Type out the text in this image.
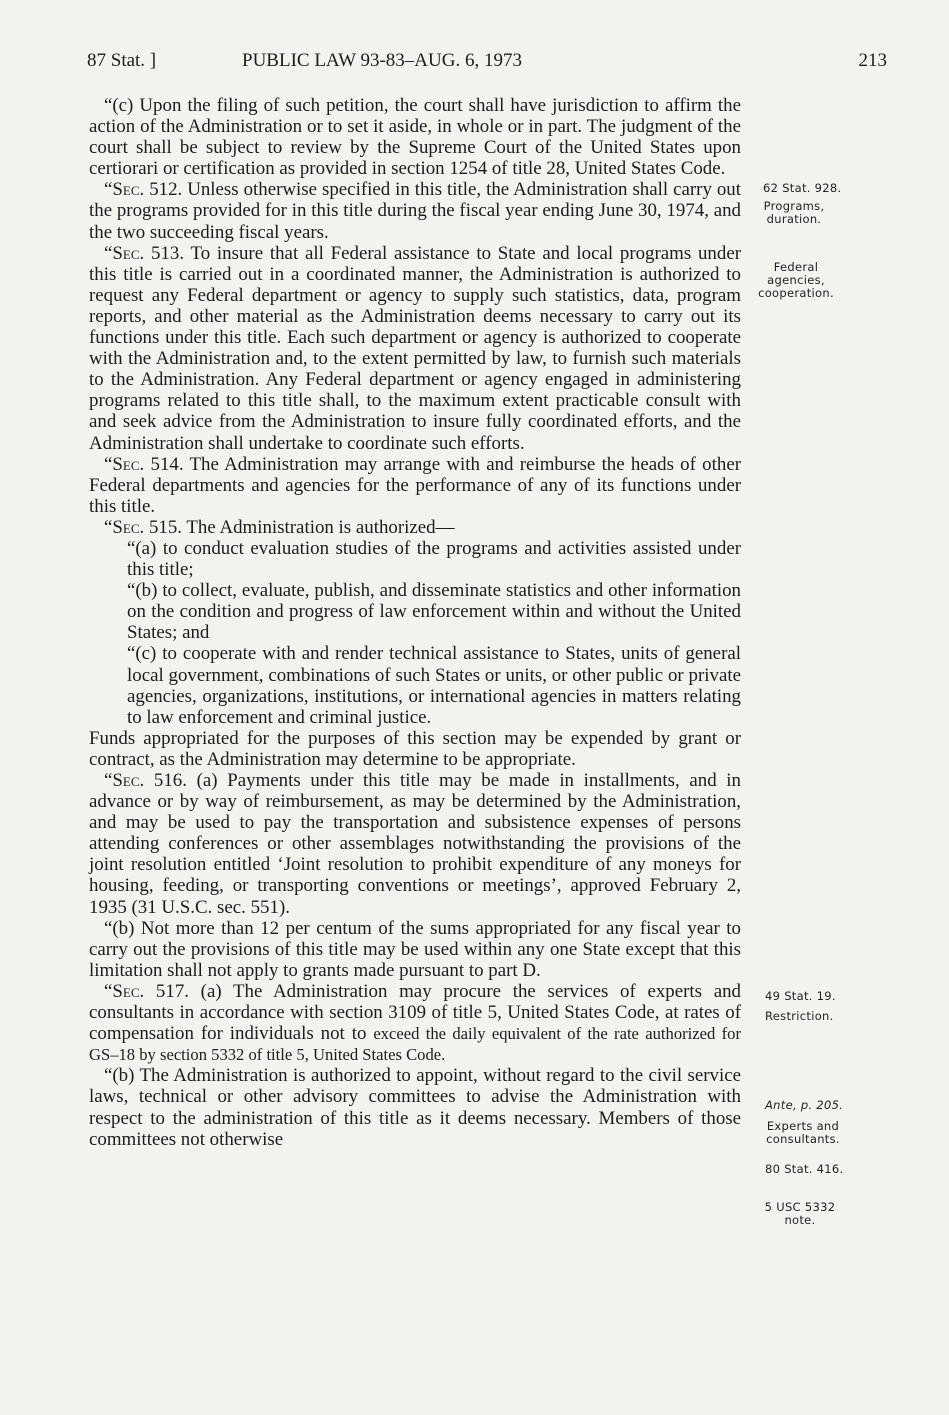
87 Stat. ]	PUBLIC LAW 93-83–AUG. 6, 1973	213

“(c) Upon the filing of such petition, the court shall have jurisdiction to affirm the action of the Administration or to set it aside, in whole or in part. The judgment of the court shall be subject to review by the Supreme Court of the United States upon certiorari or certification as provided in section 1254 of title 28, United States Code.

“Sec. 512. Unless otherwise specified in this title, the Administration shall carry out the programs provided for in this title during the fiscal year ending June 30, 1974, and the two succeeding fiscal years.

“Sec. 513. To insure that all Federal assistance to State and local programs under this title is carried out in a coordinated manner, the Administration is authorized to request any Federal department or agency to supply such statistics, data, program reports, and other material as the Administration deems necessary to carry out its functions under this title. Each such department or agency is authorized to cooperate with the Administration and, to the extent permitted by law, to furnish such materials to the Administration. Any Federal department or agency engaged in administering programs related to this title shall, to the maximum extent practicable consult with and seek advice from the Administration to insure fully coordinated efforts, and the Administration shall undertake to coordinate such efforts.

“Sec. 514. The Administration may arrange with and reimburse the heads of other Federal departments and agencies for the performance of any of its functions under this title.

“Sec. 515. The Administration is authorized—

“(a) to conduct evaluation studies of the programs and activities assisted under this title;

“(b) to collect, evaluate, publish, and disseminate statistics and other information on the condition and progress of law enforcement within and without the United States; and

“(c) to cooperate with and render technical assistance to States, units of general local government, combinations of such States or units, or other public or private agencies, organizations, institutions, or international agencies in matters relating to law enforcement and criminal justice.

Funds appropriated for the purposes of this section may be expended by grant or contract, as the Administration may determine to be appropriate.

“Sec. 516. (a) Payments under this title may be made in installments, and in advance or by way of reimbursement, as may be determined by the Administration, and may be used to pay the transportation and subsistence expenses of persons attending conferences or other assemblages notwithstanding the provisions of the joint resolution entitled ‘Joint resolution to prohibit expenditure of any moneys for housing, feeding, or transporting conventions or meetings’, approved February 2, 1935 (31 U.S.C. sec. 551).

“(b) Not more than 12 per centum of the sums appropriated for any fiscal year to carry out the provisions of this title may be used within any one State except that this limitation shall not apply to grants made pursuant to part D.

“Sec. 517. (a) The Administration may procure the services of experts and consultants in accordance with section 3109 of title 5, United States Code, at rates of compensation for individuals not to exceed the daily equivalent of the rate authorized for GS–18 by section 5332 of title 5, United States Code.

“(b) The Administration is authorized to appoint, without regard to the civil service laws, technical or other advisory committees to advise the Administration with respect to the administration of this title as it deems necessary. Members of those committees not otherwise

62 Stat. 928.
Programs, duration.
Federal agencies, cooperation.
49 Stat. 19.
Restriction.
Ante, p. 205.
Experts and consultants.
80 Stat. 416.
5 USC 5332 note.
